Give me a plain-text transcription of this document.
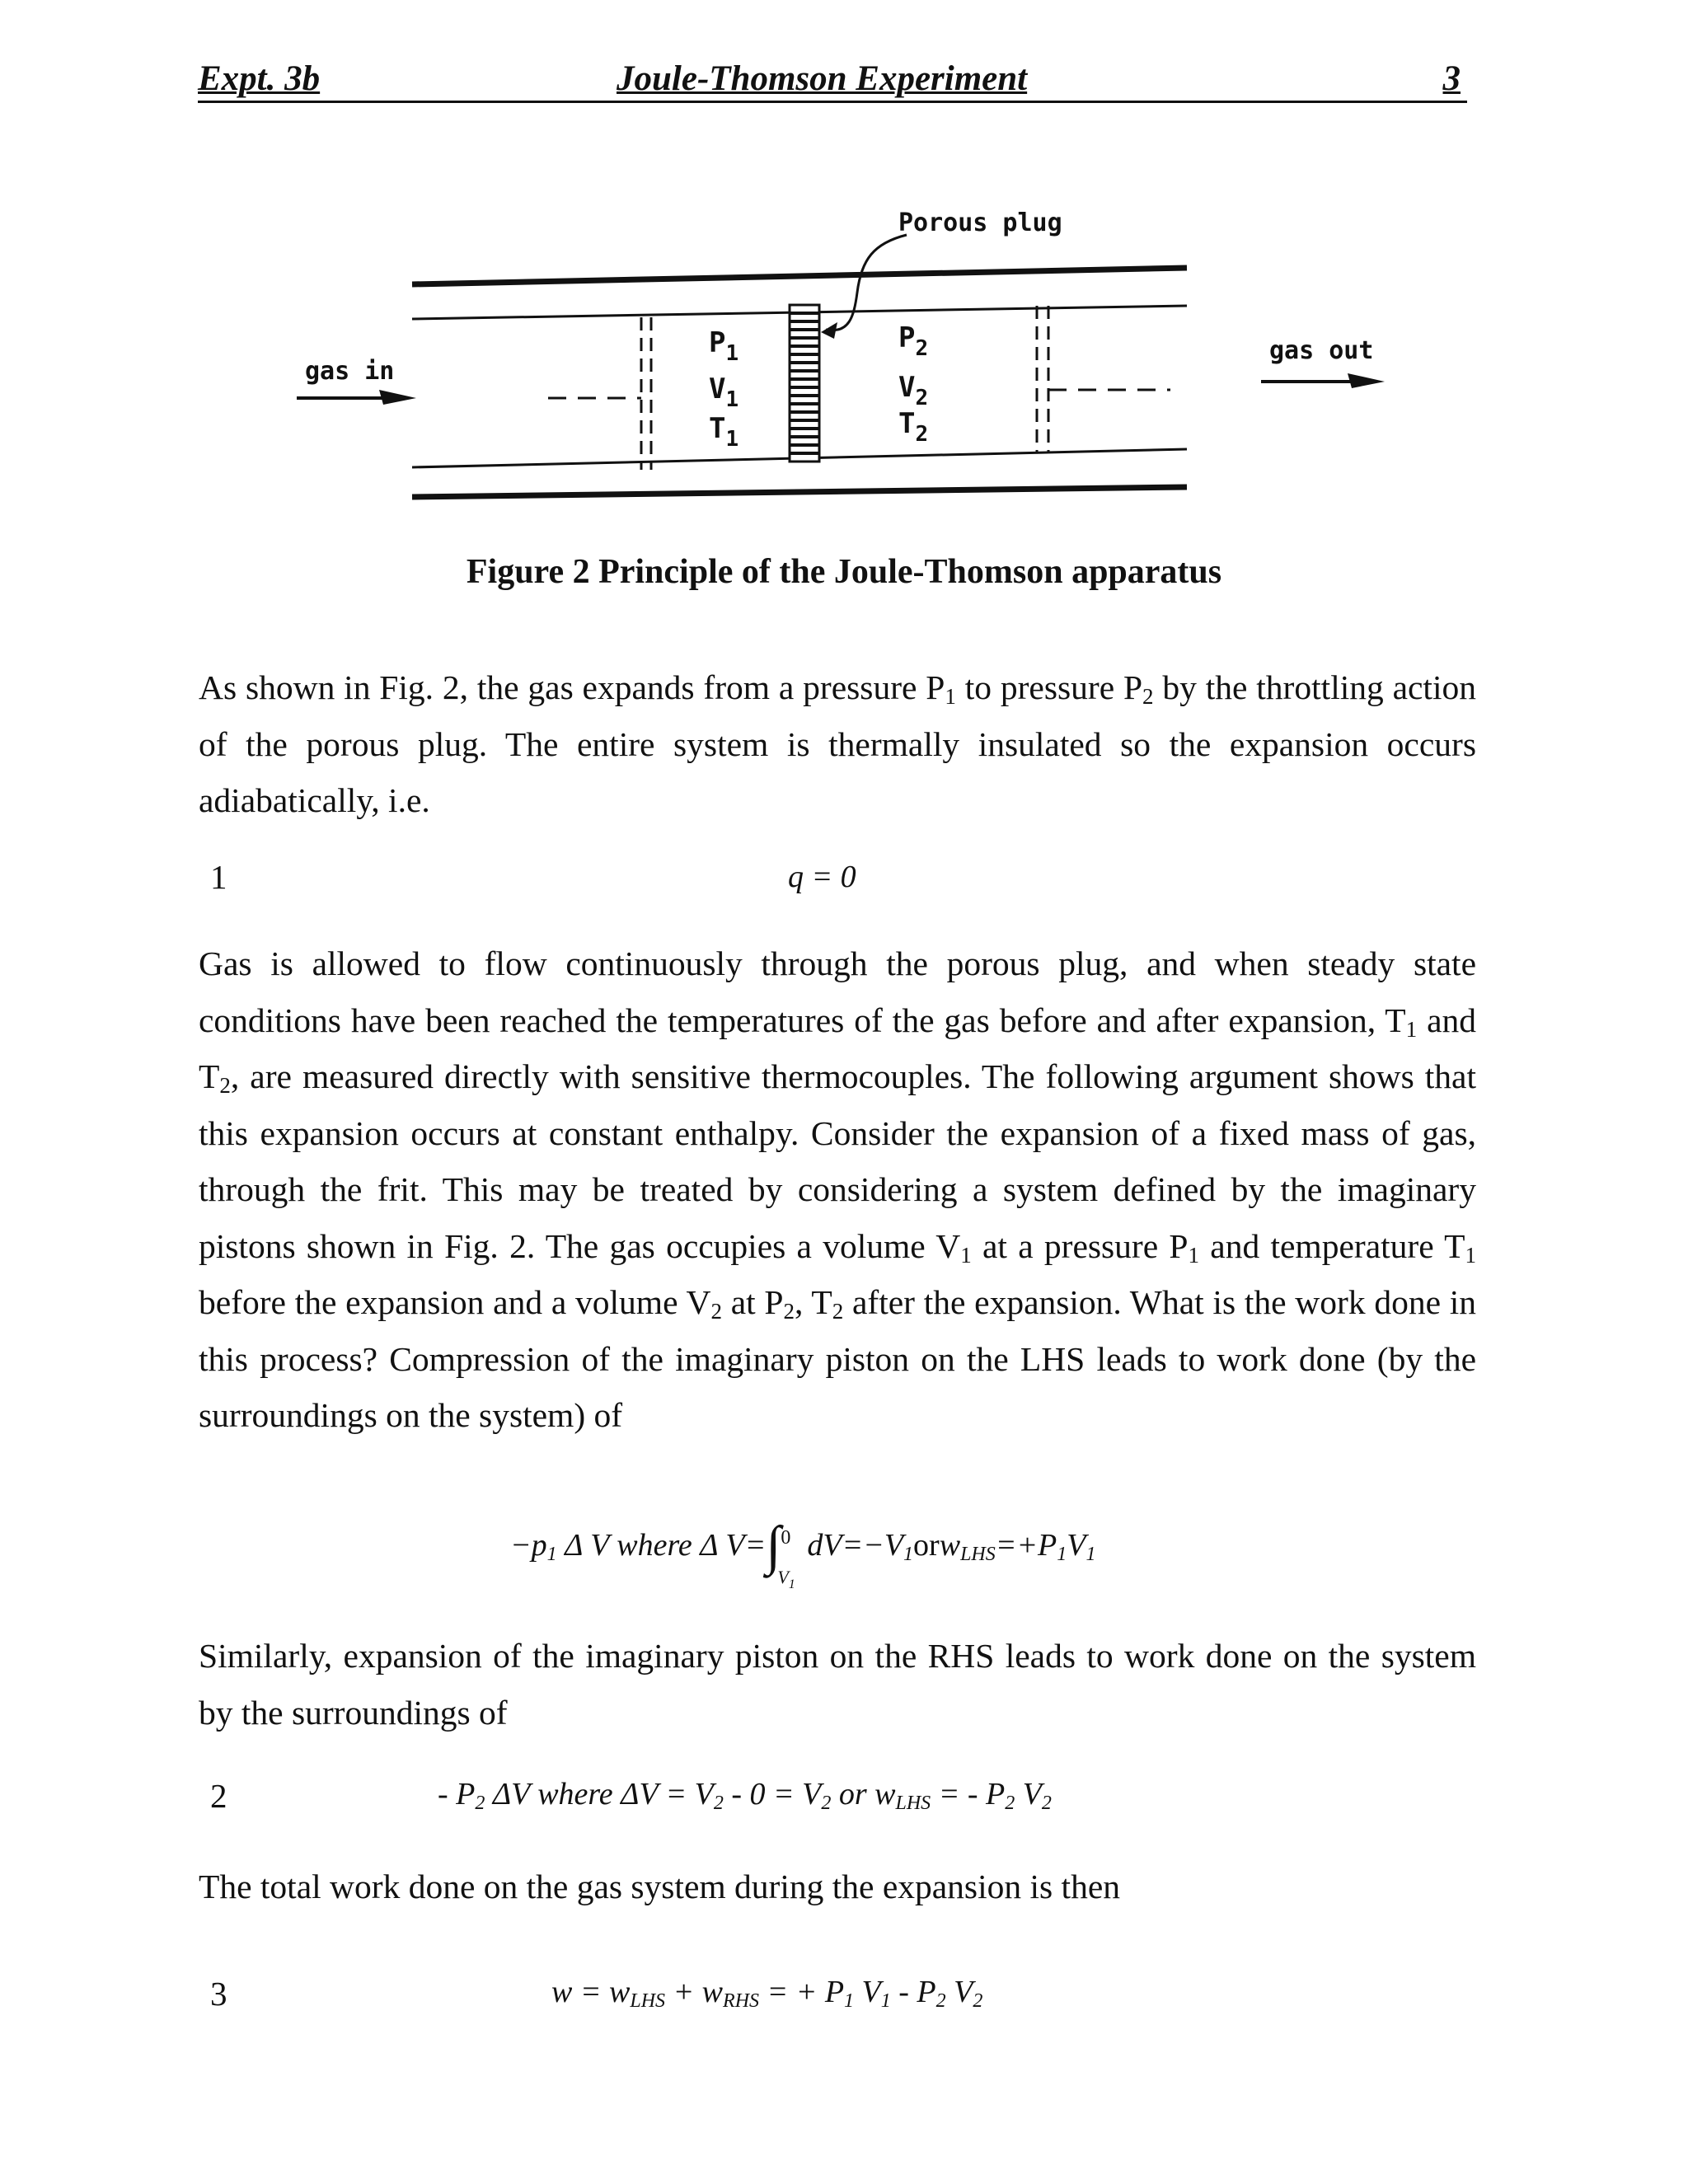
Expt. 3b	Joule-Thomson Experiment	3
Porous plug
gas in
gas out
$P_1$
$V_1$
$T_1$
$P_2$
$V_2$
$T_2$
Figure 2 Principle of the Joule-Thomson apparatus
As shown in Fig. 2, the gas expands from a pressure $P_1$ to pressure $P_2$ by the throttling action of the porous plug. The entire system is thermally insulated so the expansion occurs adiabatically, i.e.
1	q = 0
Gas is allowed to flow continuously through the porous plug, and when steady state conditions have been reached the temperatures of the gas before and after expansion, $T_1$ and $T_2$, are measured directly with sensitive thermocouples. The following argument shows that this expansion occurs at constant enthalpy. Consider the expansion of a fixed mass of gas, through the frit. This may be treated by considering a system defined by the imaginary pistons shown in Fig. 2. The gas occupies a volume $V_1$ at a pressure $P_1$ and temperature $T_1$ before the expansion and a volume $V_2$ at $P_2$, $T_2$ after the expansion. What is the work done in this process? Compression of the imaginary piston on the LHS leads to work done (by the surroundings on the system) of
$-p_1$ Δ V where Δ V=∫ 0
$V_1$
$dV=-V_1orw_{LHS}=+P_1V_1$
Similarly, expansion of the imaginary piston on the RHS leads to work done on the system by the surroundings of
2	- $P_2$ ΔV where $\Delta V = V_2 - 0 = V_2$ or $w_{LHS}$ = - $P_2$ $V_2$
The total work done on the gas system during the expansion is then
3	$w = w_{LHS} + w_{RHS}$ = + $P_1$ $V_1 - P_2$ $V_2$
